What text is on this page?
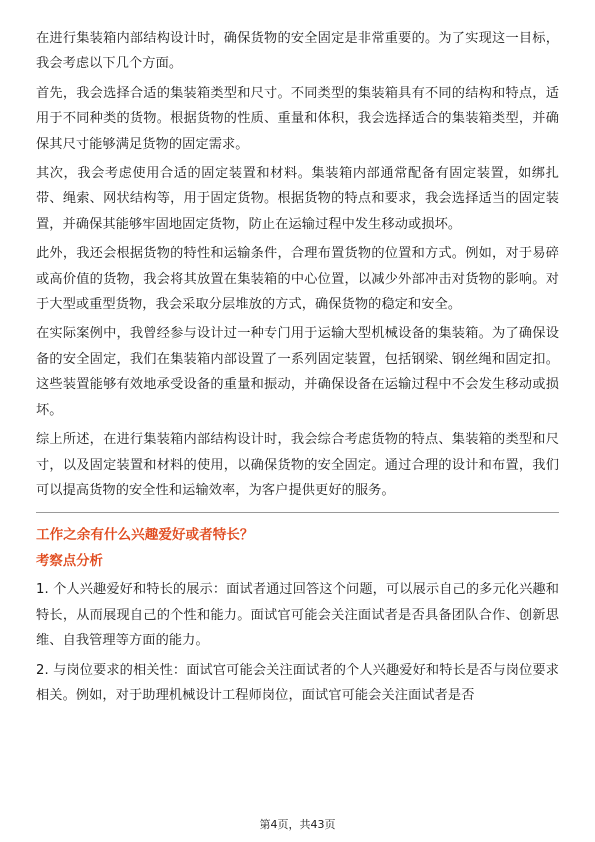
在进行集装箱内部结构设计时，确保货物的安全固定是非常重要的。为了实现这一目标，我会考虑以下几个方面。

首先，我会选择合适的集装箱类型和尺寸。不同类型的集装箱具有不同的结构和特点，适用于不同种类的货物。根据货物的性质、重量和体积，我会选择适合的集装箱类型，并确保其尺寸能够满足货物的固定需求。

其次，我会考虑使用合适的固定装置和材料。集装箱内部通常配备有固定装置，如绑扎带、绳索、网状结构等，用于固定货物。根据货物的特点和要求，我会选择适当的固定装置，并确保其能够牢固地固定货物，防止在运输过程中发生移动或损坏。

此外，我还会根据货物的特性和运输条件，合理布置货物的位置和方式。例如，对于易碎或高价值的货物，我会将其放置在集装箱的中心位置，以减少外部冲击对货物的影响。对于大型或重型货物，我会采取分层堆放的方式，确保货物的稳定和安全。

在实际案例中，我曾经参与设计过一种专门用于运输大型机械设备的集装箱。为了确保设备的安全固定，我们在集装箱内部设置了一系列固定装置，包括钢梁、钢丝绳和固定扣。这些装置能够有效地承受设备的重量和振动，并确保设备在运输过程中不会发生移动或损坏。

综上所述，在进行集装箱内部结构设计时，我会综合考虑货物的特点、集装箱的类型和尺寸，以及固定装置和材料的使用，以确保货物的安全固定。通过合理的设计和布置，我们可以提高货物的安全性和运输效率，为客户提供更好的服务。

工作之余有什么兴趣爱好或者特长？
考察点分析

1. 个人兴趣爱好和特长的展示：面试者通过回答这个问题，可以展示自己的多元化兴趣和特长，从而展现自己的个性和能力。面试官可能会关注面试者是否具备团队合作、创新思维、自我管理等方面的能力。

2. 与岗位要求的相关性：面试官可能会关注面试者的个人兴趣爱好和特长是否与岗位要求相关。例如，对于助理机械设计工程师岗位，面试官可能会关注面试者是否

第4页，共43页
